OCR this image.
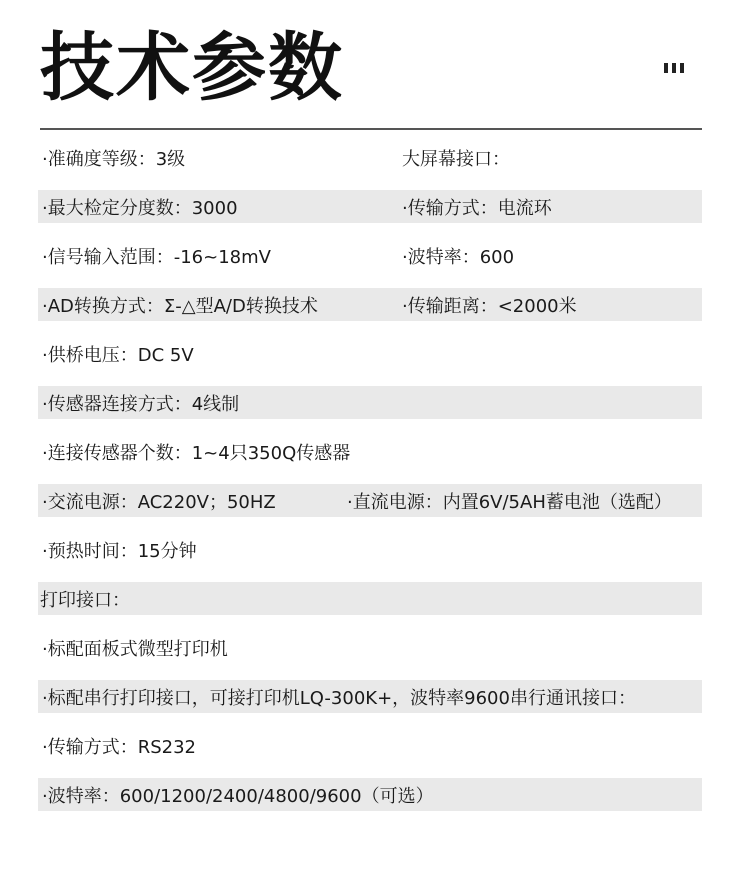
技术参数
·准确度等级：3级	大屏幕接口：
·最大检定分度数：3000	·传输方式：电流环
·信号输入范围：-16~18mV	·波特率：600
·AD转换方式：Σ-△型A/D转换技术	·传输距离：<2000米
·供桥电压：DC 5V
·传感器连接方式：4线制
·连接传感器个数：1~4只350Q传感器
·交流电源：AC220V；50HZ	·直流电源：内置6V/5AH蓄电池（选配）
·预热时间：15分钟
打印接口：
·标配面板式微型打印机
·标配串行打印接口，可接打印机LQ-300K+，波特率9600串行通讯接口：
·传输方式：RS232
·波特率：600/1200/2400/4800/9600（可选）
